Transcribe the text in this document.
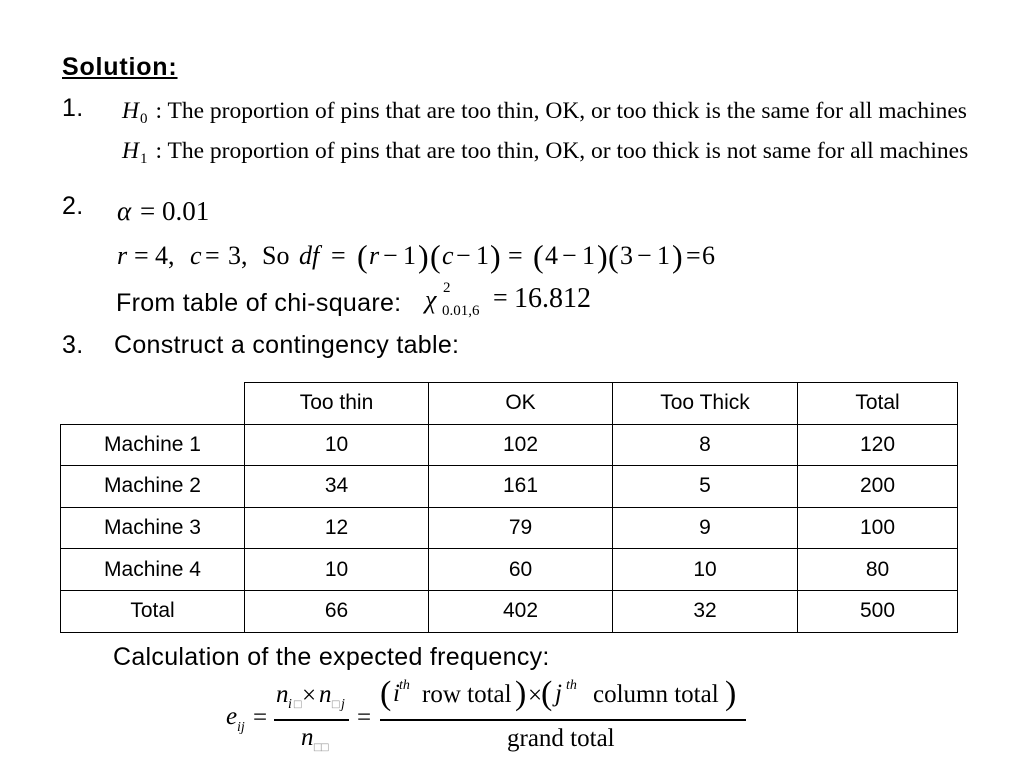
Solution:
1. $H_0$ : The proportion of pins that are too thin, OK, or too thick is the same for all machines
$H_1$ : The proportion of pins that are too thin, OK, or too thick is not same for all machines
2. α = 0.01
r = 4, c = 3, So df = ( r − 1 ) ( c − 1 ) = ( 4 − 1 ) ( 3 − 1 ) = 6
From table of chi-square: χ 2
0.01,6 = 16.812
3. Construct a contingency table:
	Too thin	OK	Too Thick	Total
Machine 1	10	102	8	120
Machine 2	34	161	5	200
Machine 3	12	79	9	100
Machine 4	10	60	10	80
Total	66	402	32	500
Calculation of the expected frequency:
e ij =
n i □ × n □ j
n □
□
=
( i th row total ) ×
( j th column total )
grand total
